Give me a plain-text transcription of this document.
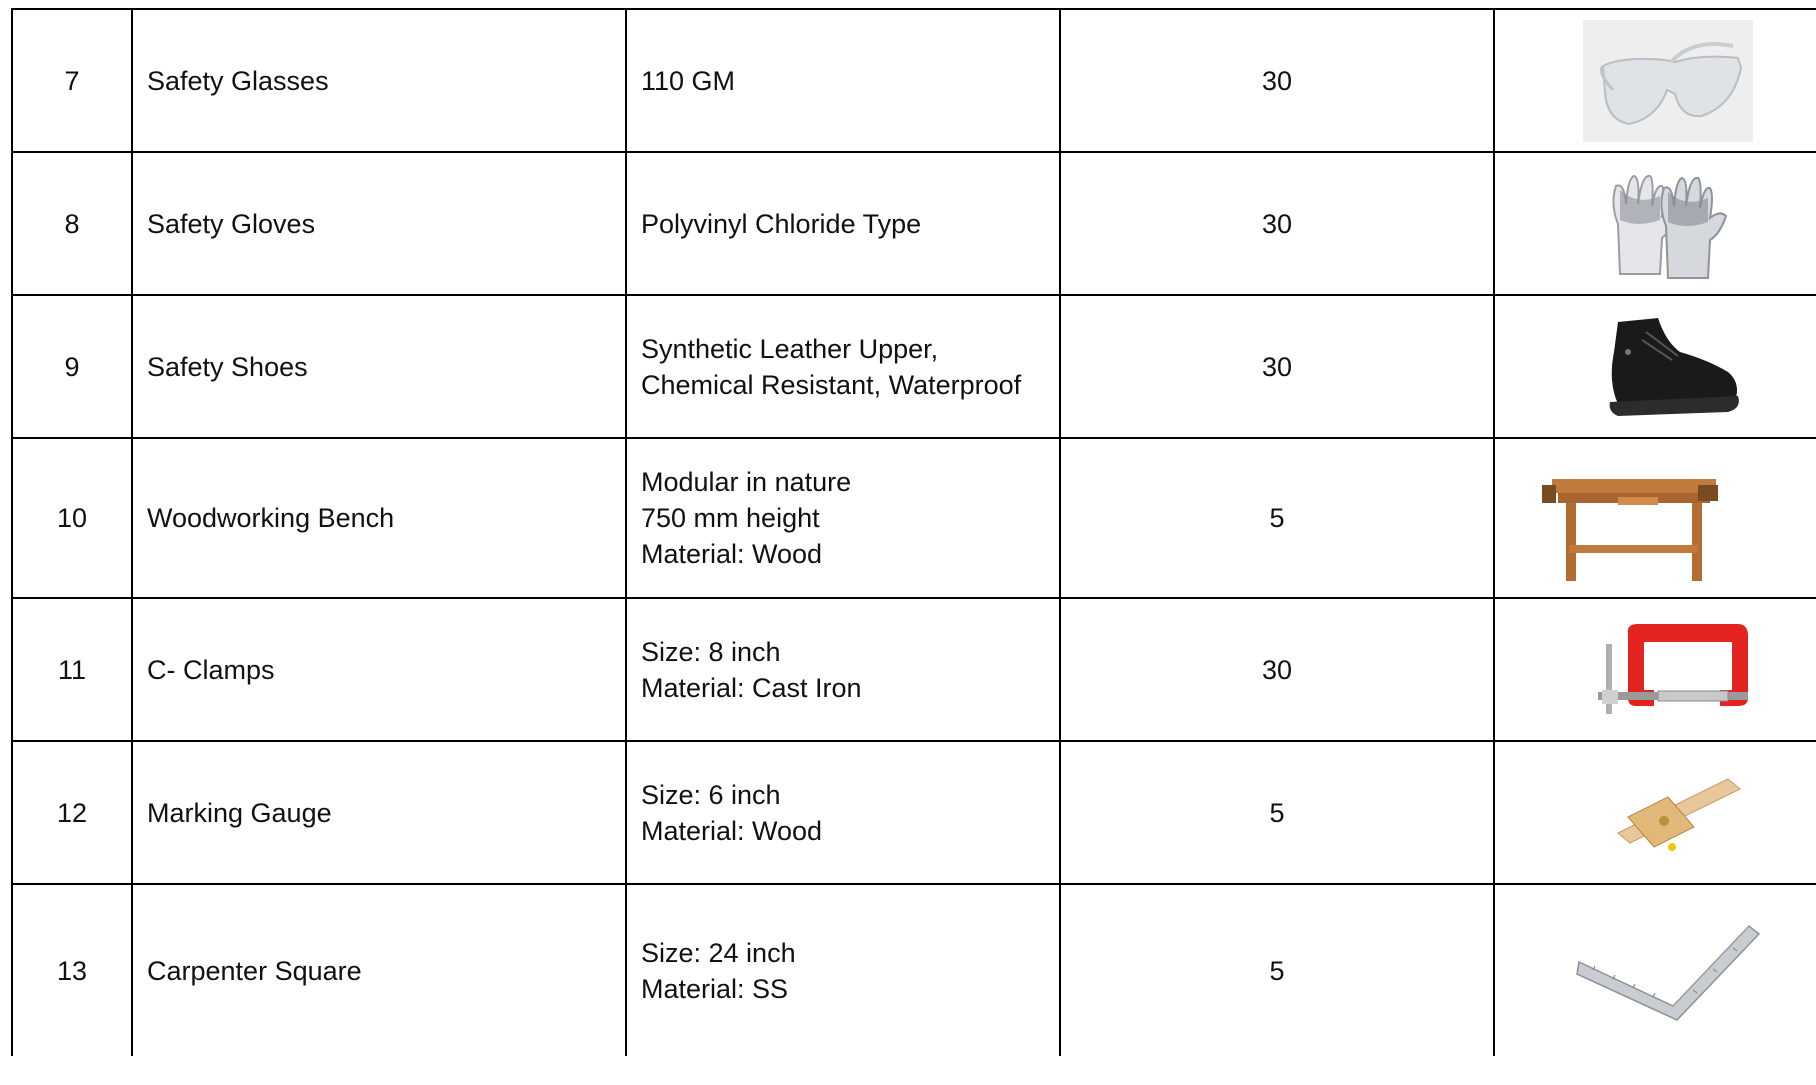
7	Safety Glasses	110 GM	30	

8	Safety Gloves	Polyvinyl Chloride Type	30	

9	Safety Shoes	Synthetic Leather Upper,
Chemical Resistant, Waterproof	30	

10	Woodworking Bench	Modular in nature
750 mm height
Material: Wood	5	

11	C- Clamps	Size: 8 inch
Material: Cast Iron	30	

12	Marking Gauge	Size: 6 inch
Material: Wood	5	

13	Carpenter Square	Size: 24 inch
Material: SS	5	
